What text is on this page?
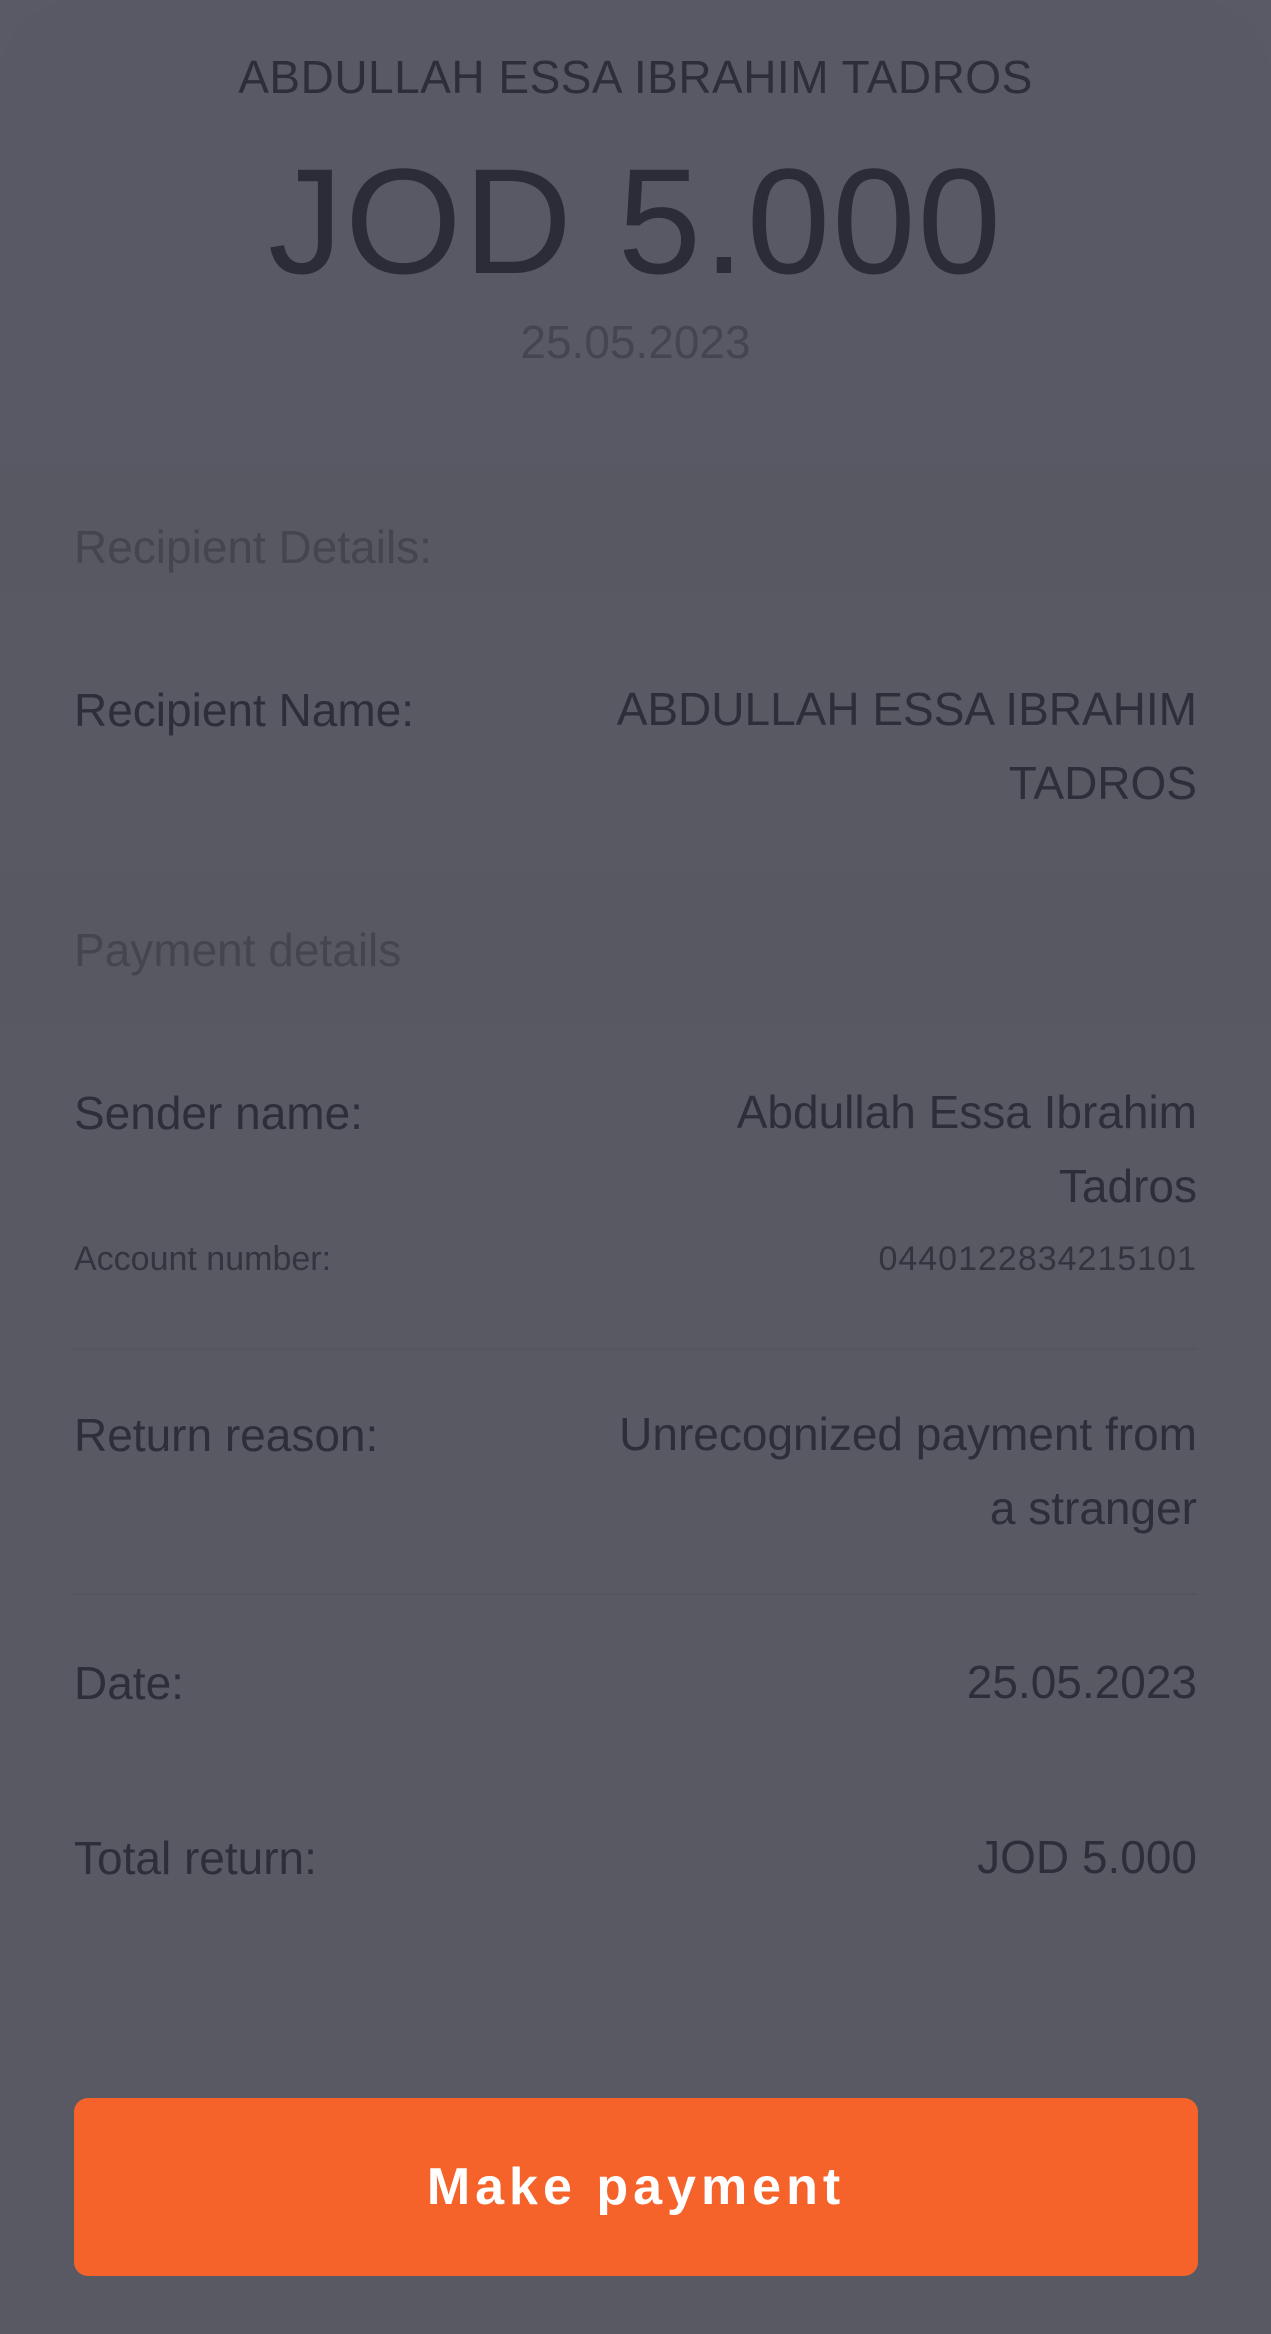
ABDULLAH ESSA IBRAHIM TADROS
JOD 5.000
25.05.2023
Recipient Details:
Recipient Name:	ABDULLAH ESSA IBRAHIM
TADROS
Payment details
Sender name:	Abdullah Essa Ibrahim
Tadros
Account number:	0440122834215101
Return reason:	Unrecognized payment from
a stranger
Date:	25.05.2023
Total return:	JOD 5.000
Make payment
